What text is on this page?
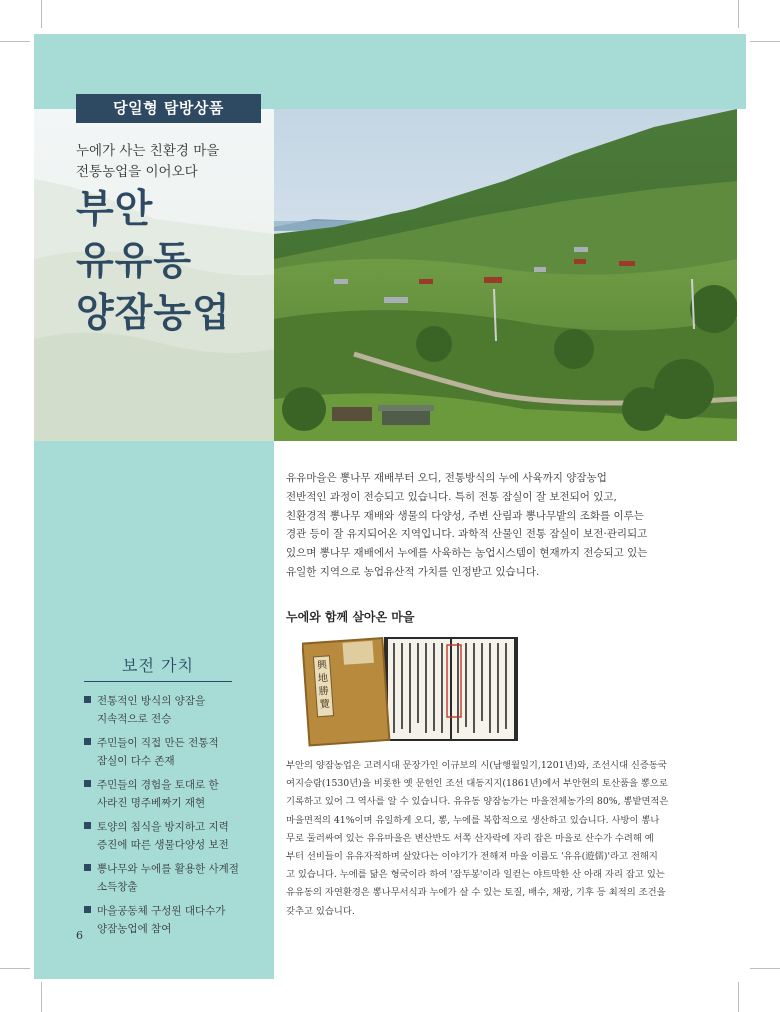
당일형 탐방상품
누에가 사는 친환경 마을
전통농업을 이어오다
부안
유유동
양잠농업
보전 가치
전통적인 방식의 양잠을
지속적으로 전승
주민들이 직접 만든 전통적
잠실이 다수 존재
주민들의 경험을 토대로 한
사라진 명주베짜기 재현
토양의 침식을 방지하고 지력
증진에 따른 생물다양성 보전
뽕나무와 누에를 활용한 사계절
소득창출
마을공동체 구성원 대다수가
양잠농업에 참여
6
유유마을은 뽕나무 재배부터 오디, 전통방식의 누에 사육까지 양잠농업
전반적인 과정이 전승되고 있습니다. 특히 전통 잠실이 잘 보전되어 있고,
친환경적 뽕나무 재배와 생물의 다양성, 주변 산림과 뽕나무밭의 조화를 이루는
경관 등이 잘 유지되어온 지역입니다. 과학적 산물인 전통 잠실이 보전·관리되고
있으며 뽕나무 재배에서 누에를 사육하는 농업시스템이 현재까지 전승되고 있는
유일한 지역으로 농업유산적 가치를 인정받고 있습니다.
누에와 함께 살아온 마을
興地勝覽
부안의 양잠농업은 고려시대 문장가인 이규보의 시(남행월일기,1201년)와, 조선시대 신증동국
여지승람(1530년)을 비롯한 옛 문헌인 조선 대동지지(1861년)에서 부안현의 토산품을 뽕으로
기록하고 있어 그 역사를 알 수 있습니다. 유유동 양잠농가는 마을전체농가의 80%, 뽕밭면적은
마을면적의 41%이며 유일하게 오디, 뽕, 누에를 복합적으로 생산하고 있습니다. 사방이 뽕나
무로 둘러싸여 있는 유유마을은 변산반도 서쪽 산자락에 자리 잡은 마을로 산수가 수려해 예
부터 선비들이 유유자적하며 살았다는 이야기가 전해져 마을 이름도 '유유(遊儒)'라고 전해지
고 있습니다. 누에를 닮은 형국이라 하여 '잠두봉'이라 일컫는 야트막한 산 아래 자리 잡고 있는
유유동의 자연환경은 뽕나무서식과 누에가 살 수 있는 토질, 배수, 채광, 기후 등 최적의 조건을
갖추고 있습니다.
